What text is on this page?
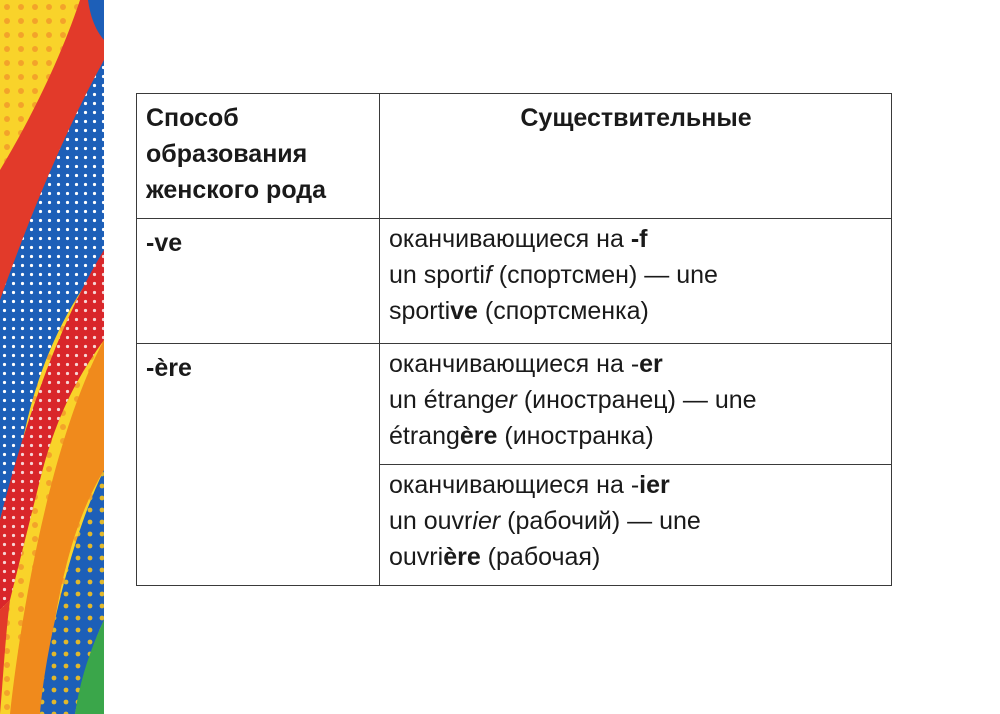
Способ образования женского рода	Существительные
-ve	оканчивающиеся на -f
un sportif (спортсмен) — une
sportive (спортсменка)

-ère	оканчивающиеся на -er
un étranger (иностранец) — une
étrangère (иностранка)

	оканчивающиеся на -ier
un ouvrier (рабочий) — une
ouvrière (рабочая)
